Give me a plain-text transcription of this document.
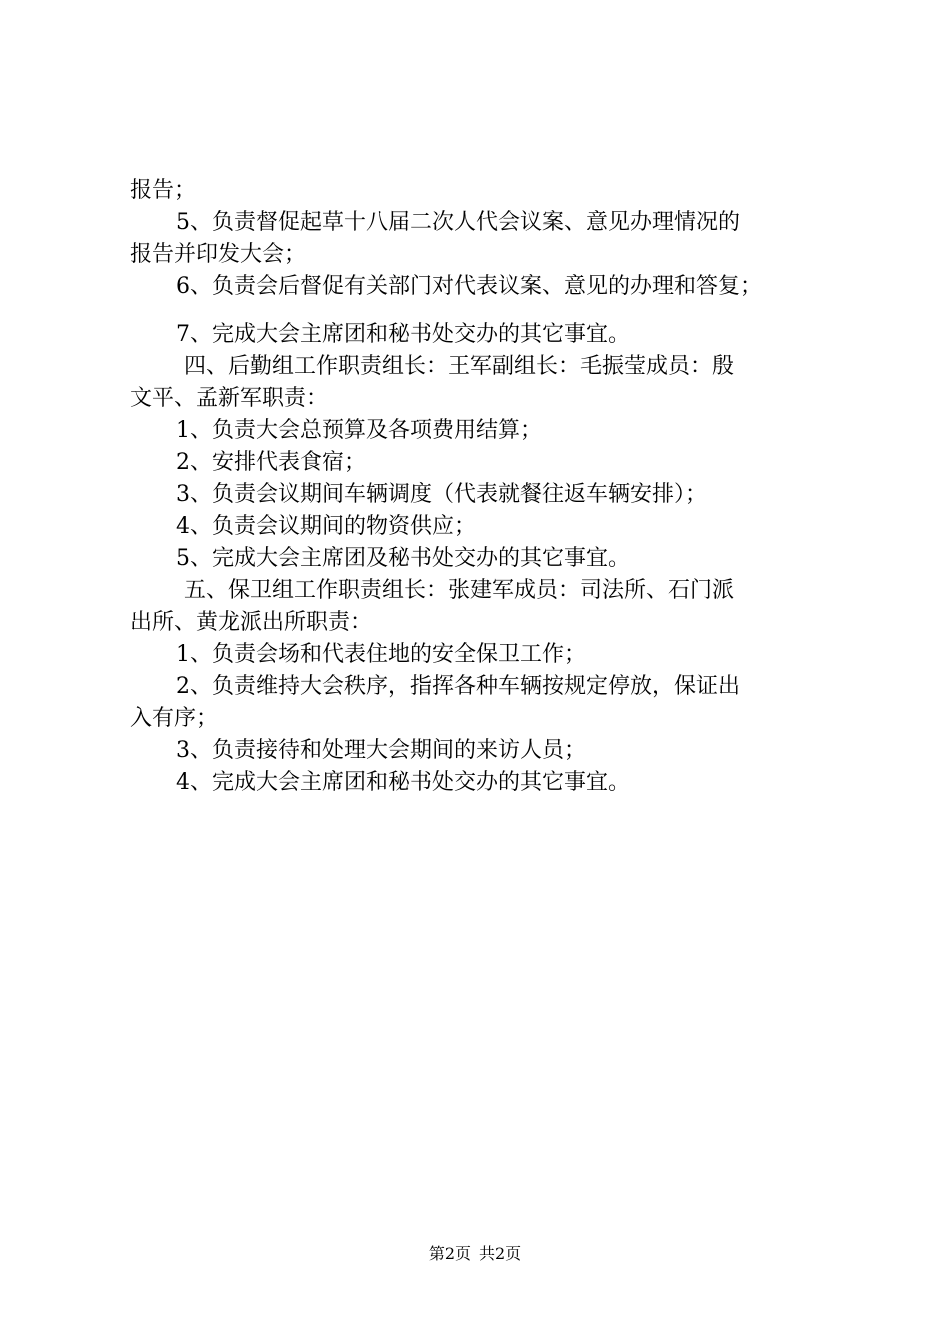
报告；
5、负责督促起草十八届二次人代会议案、意见办理情况的
报告并印发大会；
6、负责会后督促有关部门对代表议案、意见的办理和答复；
7、完成大会主席团和秘书处交办的其它事宜。
四、后勤组工作职责组长：王军副组长：毛振莹成员：殷
文平、孟新军职责：
1、负责大会总预算及各项费用结算；
2、安排代表食宿；
3、负责会议期间车辆调度（代表就餐往返车辆安排）；
4、负责会议期间的物资供应；
5、完成大会主席团及秘书处交办的其它事宜。
五、保卫组工作职责组长：张建军成员：司法所、石门派
出所、黄龙派出所职责：
1、负责会场和代表住地的安全保卫工作；
2、负责维持大会秩序，指挥各种车辆按规定停放，保证出
入有序；
3、负责接待和处理大会期间的来访人员；
4、完成大会主席团和秘书处交办的其它事宜。
第2页 共2页
